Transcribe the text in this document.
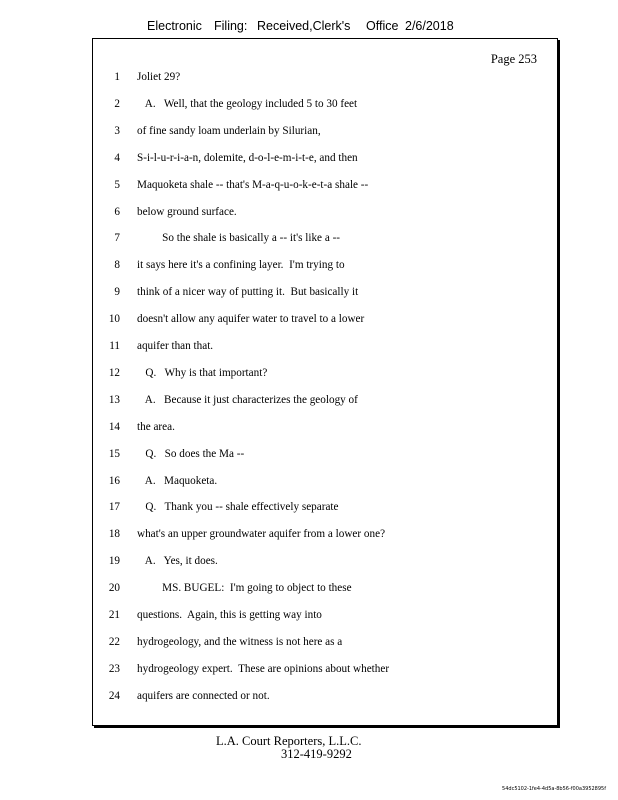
Electronic Filing: Received,Clerk's Office 2/6/2018
Page 253
1 Joliet 29?
2 A.   Well, that the geology included 5 to 30 feet
3 of fine sandy loam underlain by Silurian,
4 S-i-l-u-r-i-a-n, dolemite, d-o-l-e-m-i-t-e, and then
5 Maquoketa shale -- that's M-a-q-u-o-k-e-t-a shale --
6 below ground surface.
7 So the shale is basically a -- it's like a --
8 it says here it's a confining layer.  I'm trying to
9 think of a nicer way of putting it.  But basically it
10 doesn't allow any aquifer water to travel to a lower
11 aquifer than that.
12 Q.   Why is that important?
13 A.   Because it just characterizes the geology of
14 the area.
15 Q.   So does the Ma --
16 A.   Maquoketa.
17 Q.   Thank you -- shale effectively separate
18 what's an upper groundwater aquifer from a lower one?
19 A.   Yes, it does.
20 MS. BUGEL:  I'm going to object to these
21 questions.  Again, this is getting way into
22 hydrogeology, and the witness is not here as a
23 hydrogeology expert.  These are opinions about whether
24 aquifers are connected or not.
L.A. Court Reporters, L.L.C.
312-419-9292
54dc5102-1fe4-4d5a-8b56-f00a3952895f
